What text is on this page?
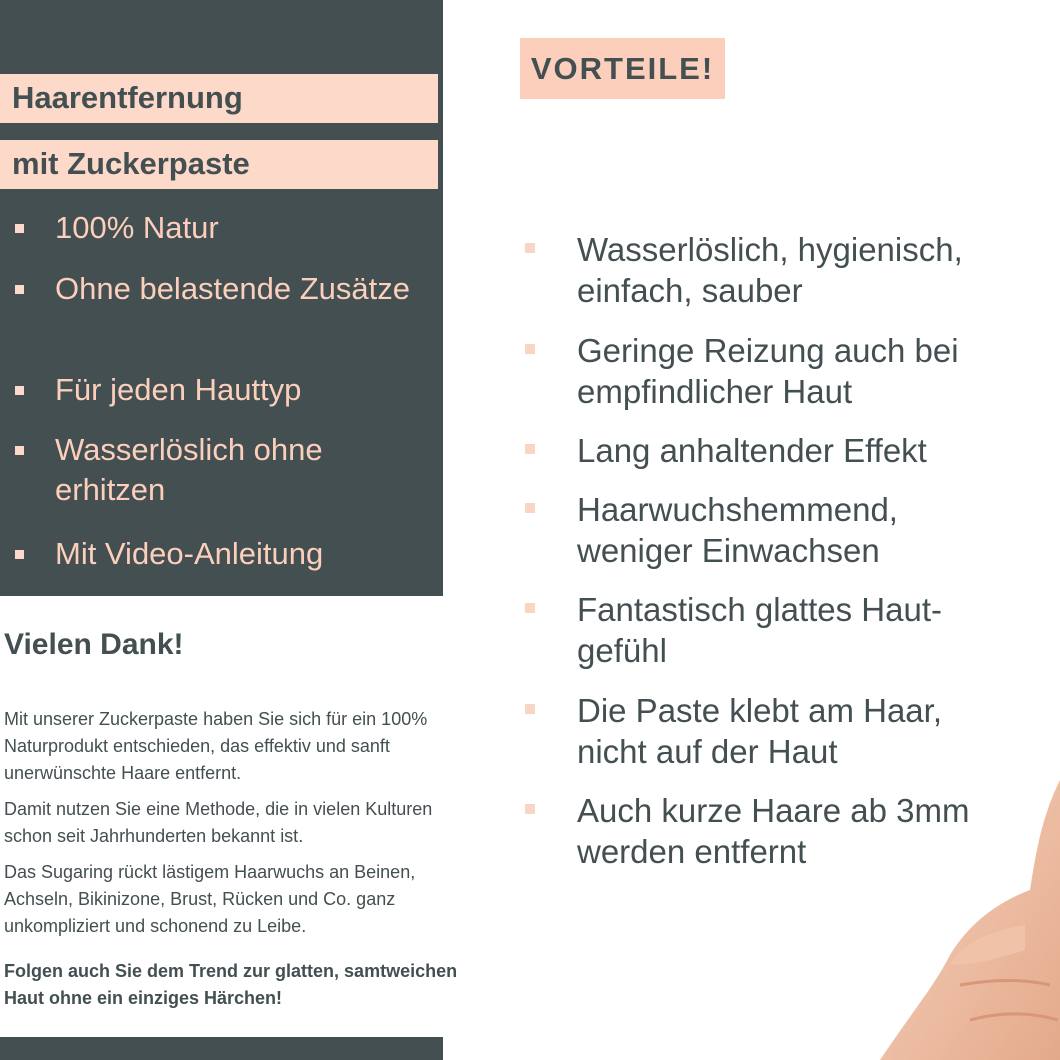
Haarentfernung
mit Zuckerpaste
100% Natur
Ohne belastende Zusätze
Für jeden Hauttyp
Wasserlöslich ohne erhitzen
Mit Video-Anleitung
Vielen Dank!

Mit unserer Zuckerpaste haben Sie sich für ein 100% Naturprodukt entschieden, das effektiv und sanft unerwünschte Haare entfernt.

Damit nutzen Sie eine Methode, die in vielen Kulturen schon seit Jahrhunderten bekannt ist.

Das Sugaring rückt lästigem Haarwuchs an Beinen, Achseln, Bikinizone, Brust, Rücken und Co. ganz unkompliziert und schonend zu Leibe.

Folgen auch Sie dem Trend zur glatten, samtweichen Haut ohne ein einziges Härchen!

VORTEILE!
Wasserlöslich, hygienisch, einfach, sauber
Geringe Reizung auch bei empfindlicher Haut
Lang anhaltender Effekt
Haarwuchshemmend, weniger Einwachsen
Fantastisch glattes Haut-gefühl
Die Paste klebt am Haar, nicht auf der Haut
Auch kurze Haare ab 3mm werden entfernt
